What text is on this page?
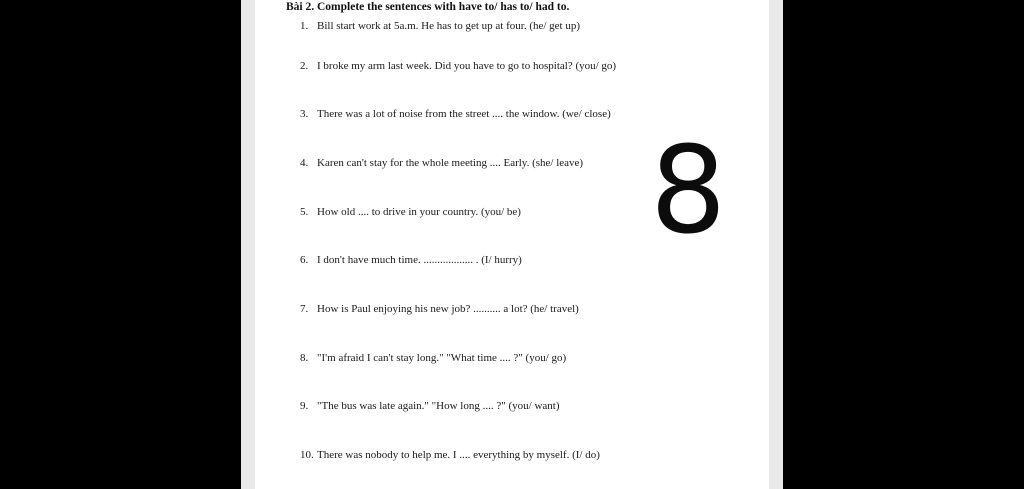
Bài 2. Complete the sentences with have to/ has to/ had to.
1. Bill start work at 5a.m. He has to get up at four. (he/ get up)
2. I broke my arm last week. Did you have to go to hospital? (you/ go)
3. There was a lot of noise from the street .... the window. (we/ close)
4. Karen can't stay for the whole meeting .... Early. (she/ leave)
5. How old .... to drive in your country. (you/ be)
6. I don't have much time. .................. . (I/ hurry)
7. How is Paul enjoying his new job? .......... a lot? (he/ travel)
8. "I'm afraid I can't stay long." "What time .... ?" (you/ go)
9. "The bus was late again." "How long .... ?" (you/ want)
10. There was nobody to help me. I .... everything by myself. (I/ do)
8
